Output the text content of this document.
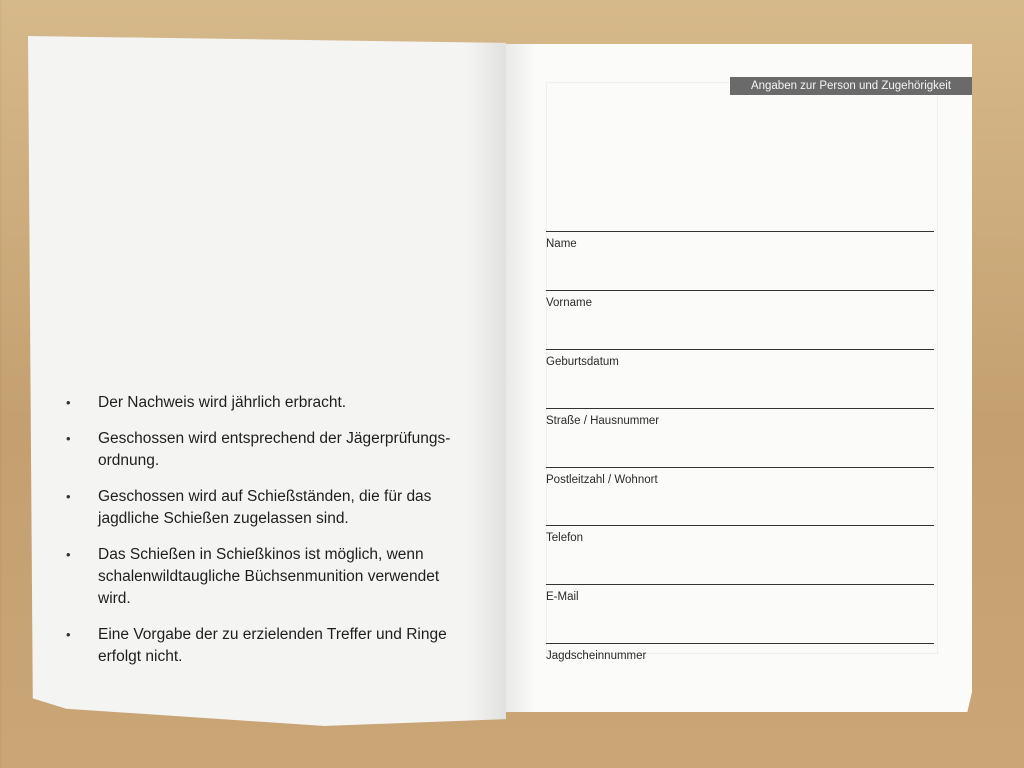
• Der Nachweis wird jährlich erbracht.
• Geschossen wird entsprechend der Jägerprüfungs-ordnung.
• Geschossen wird auf Schießständen, die für das jagdliche Schießen zugelassen sind.
• Das Schießen in Schießkinos ist möglich, wenn schalenwildtaugliche Büchsenmunition verwendet wird.
• Eine Vorgabe der zu erzielenden Treffer und Ringe erfolgt nicht.
Angaben zur Person und Zugehörigkeit
Name
Vorname
Geburtsdatum
Straße / Hausnummer
Postleitzahl / Wohnort
Telefon
E-Mail
Jagdscheinnummer
